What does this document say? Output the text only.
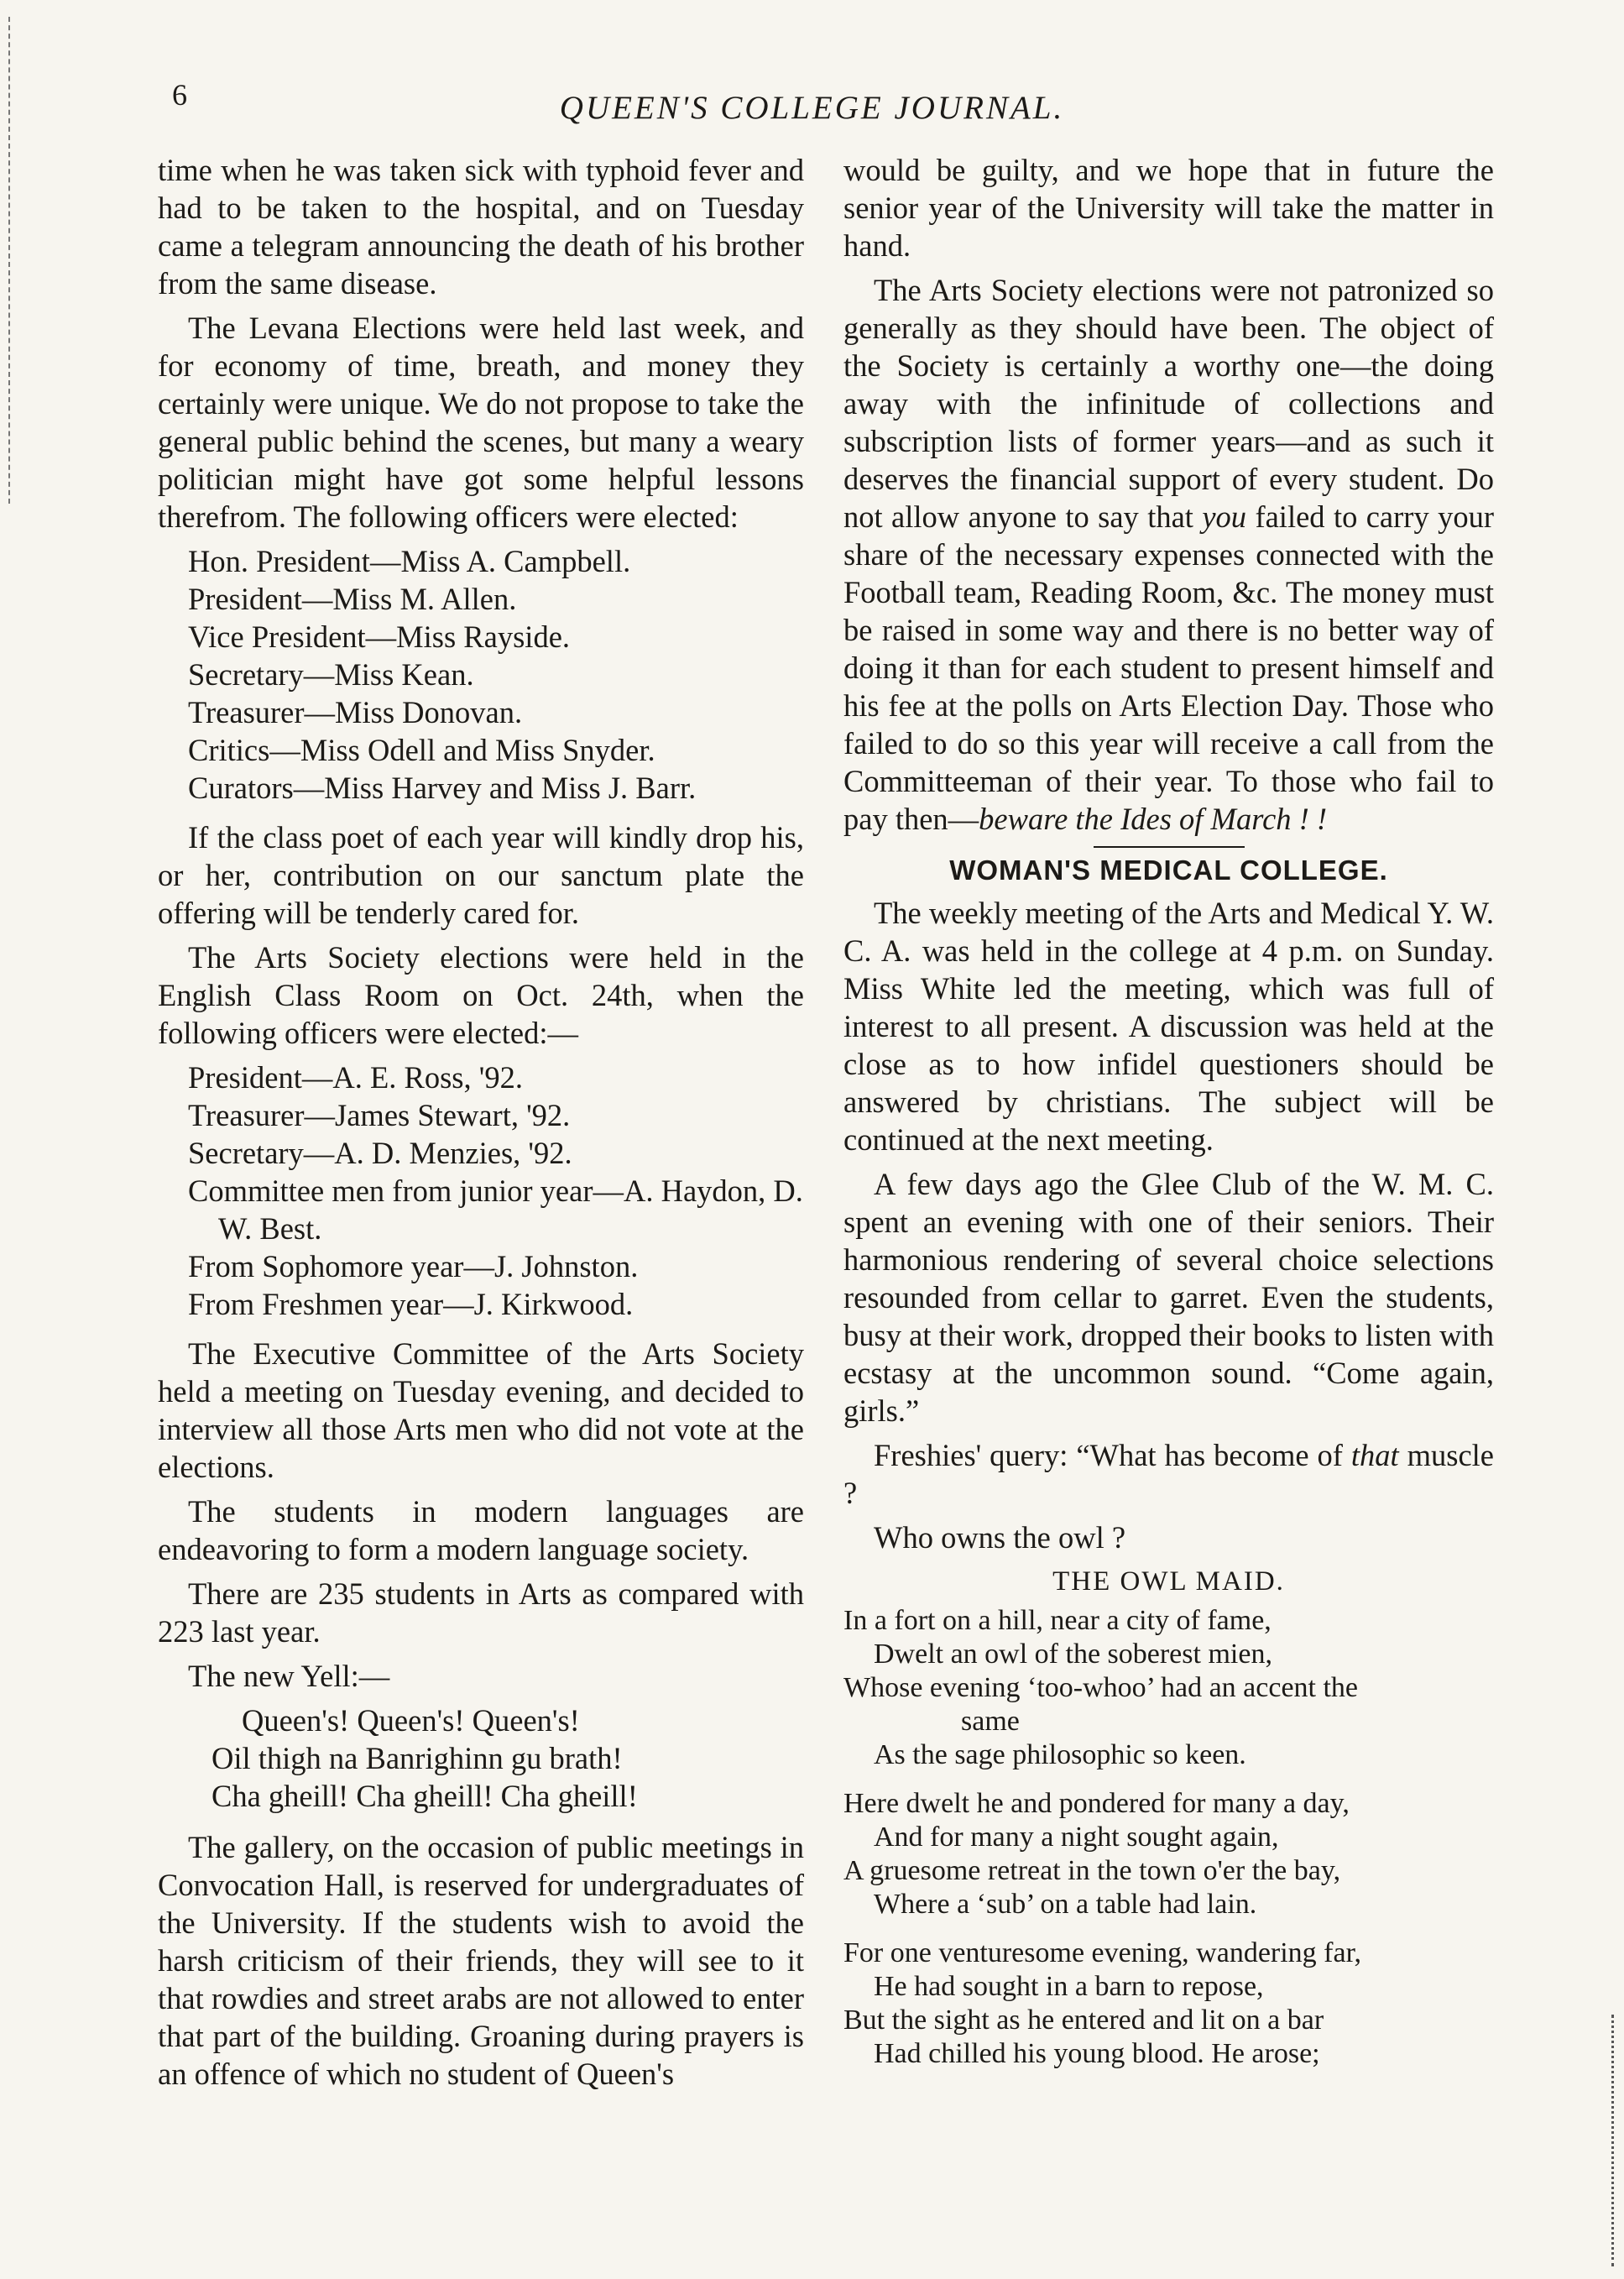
6	QUEEN'S COLLEGE JOURNAL.

time when he was taken sick with typhoid fever and had to be taken to the hospital, and on Tuesday came a telegram announcing the death of his brother from the same disease.

The Levana Elections were held last week, and for economy of time, breath, and money they certainly were unique. We do not propose to take the general public behind the scenes, but many a weary politician might have got some helpful lessons therefrom. The following officers were elected:

Hon. President—Miss A. Campbell.
President—Miss M. Allen.
Vice President—Miss Rayside.
Secretary—Miss Kean.
Treasurer—Miss Donovan.
Critics—Miss Odell and Miss Snyder.
Curators—Miss Harvey and Miss J. Barr.

If the class poet of each year will kindly drop his, or her, contribution on our sanctum plate the offering will be tenderly cared for.

The Arts Society elections were held in the English Class Room on Oct. 24th, when the following officers were elected:—

President—A. E. Ross, '92.
Treasurer—James Stewart, '92.
Secretary—A. D. Menzies, '92.
Committee men from junior year—A. Haydon, D. W. Best.
From Sophomore year—J. Johnston.
From Freshmen year—J. Kirkwood.

The Executive Committee of the Arts Society held a meeting on Tuesday evening, and decided to interview all those Arts men who did not vote at the elections.

The students in modern languages are endeavoring to form a modern language society.

There are 235 students in Arts as compared with 223 last year.

The new Yell:—

Queen's! Queen's! Queen's!
Oil thigh na Banrighinn gu brath!
Cha gheill! Cha gheill! Cha gheill!

The gallery, on the occasion of public meetings in Convocation Hall, is reserved for undergraduates of the University. If the students wish to avoid the harsh criticism of their friends, they will see to it that rowdies and street arabs are not allowed to enter that part of the building. Groaning during prayers is an offence of which no student of Queen's

would be guilty, and we hope that in future the senior year of the University will take the matter in hand.

The Arts Society elections were not patronized so generally as they should have been. The object of the Society is certainly a worthy one—the doing away with the infinitude of collections and subscription lists of former years—and as such it deserves the financial support of every student. Do not allow anyone to say that you failed to carry your share of the necessary expenses connected with the Football team, Reading Room, &c. The money must be raised in some way and there is no better way of doing it than for each student to present himself and his fee at the polls on Arts Election Day. Those who failed to do so this year will receive a call from the Committeeman of their year. To those who fail to pay then—beware the Ides of March ! !

WOMAN'S MEDICAL COLLEGE.

The weekly meeting of the Arts and Medical Y. W. C. A. was held in the college at 4 p.m. on Sunday. Miss White led the meeting, which was full of interest to all present. A discussion was held at the close as to how infidel questioners should be answered by christians. The subject will be continued at the next meeting.

A few days ago the Glee Club of the W. M. C. spent an evening with one of their seniors. Their harmonious rendering of several choice selections resounded from cellar to garret. Even the students, busy at their work, dropped their books to listen with ecstasy at the uncommon sound. “Come again, girls.”

Freshies' query: “What has become of that muscle ?

Who owns the owl ?

THE OWL MAID.
In a fort on a hill, near a city of fame,
Dwelt an owl of the soberest mien,
Whose evening ‘too-whoo’ had an accent the
same
As the sage philosophic so keen.
Here dwelt he and pondered for many a day,
And for many a night sought again,
A gruesome retreat in the town o'er the bay,
Where a ‘sub’ on a table had lain.
For one venturesome evening, wandering far,
He had sought in a barn to repose,
But the sight as he entered and lit on a bar
Had chilled his young blood. He arose;
